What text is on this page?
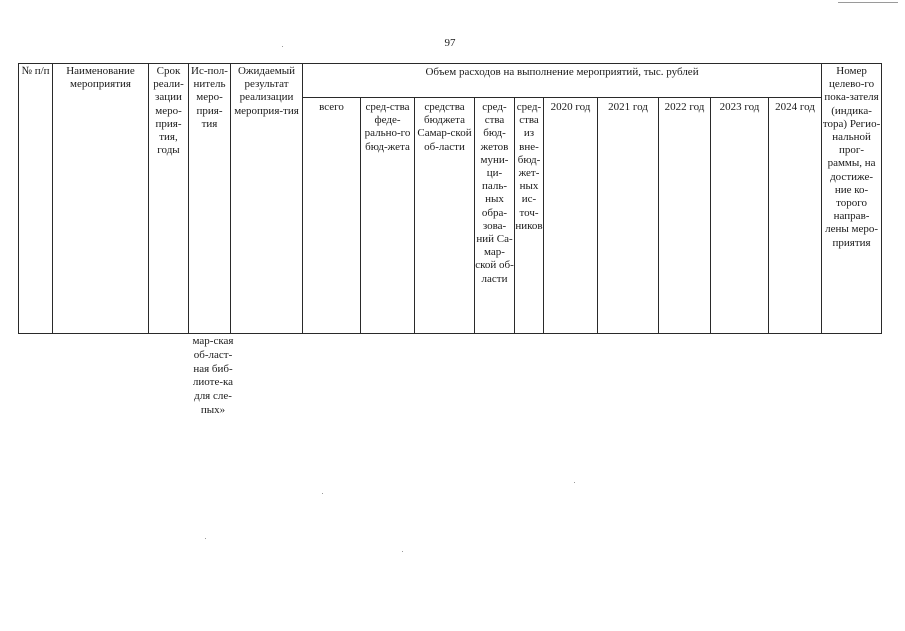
97
№ п/п	Наименование мероприятия	Срок реали-зации меро-прия-тия, годы	Ис-пол-нитель меро-прия-тия	Ожидаемый результат реализации мероприя-тия	Объем расходов на выполнение мероприятий, тыс. рублей										Номер целево-го пока-зателя (индика-тора) Регио-нальной прог-раммы, на достиже-ние ко-торого направ-лены меро-приятия
					всего	сред-ства феде-рально-го бюд-жета	средства бюджета Самар-ской об-ласти	сред-ства бюд-жетов муни-ци-паль-ных обра-зова-ний Са-мар-ской об-ласти	сред-ства из вне-бюд-жет-ных ис-точ-ников	2020 год	2021 год	2022 год	2023 год	2024 год	
мар-ская об-ласт-ная биб-лиоте-ка для сле-пых»
